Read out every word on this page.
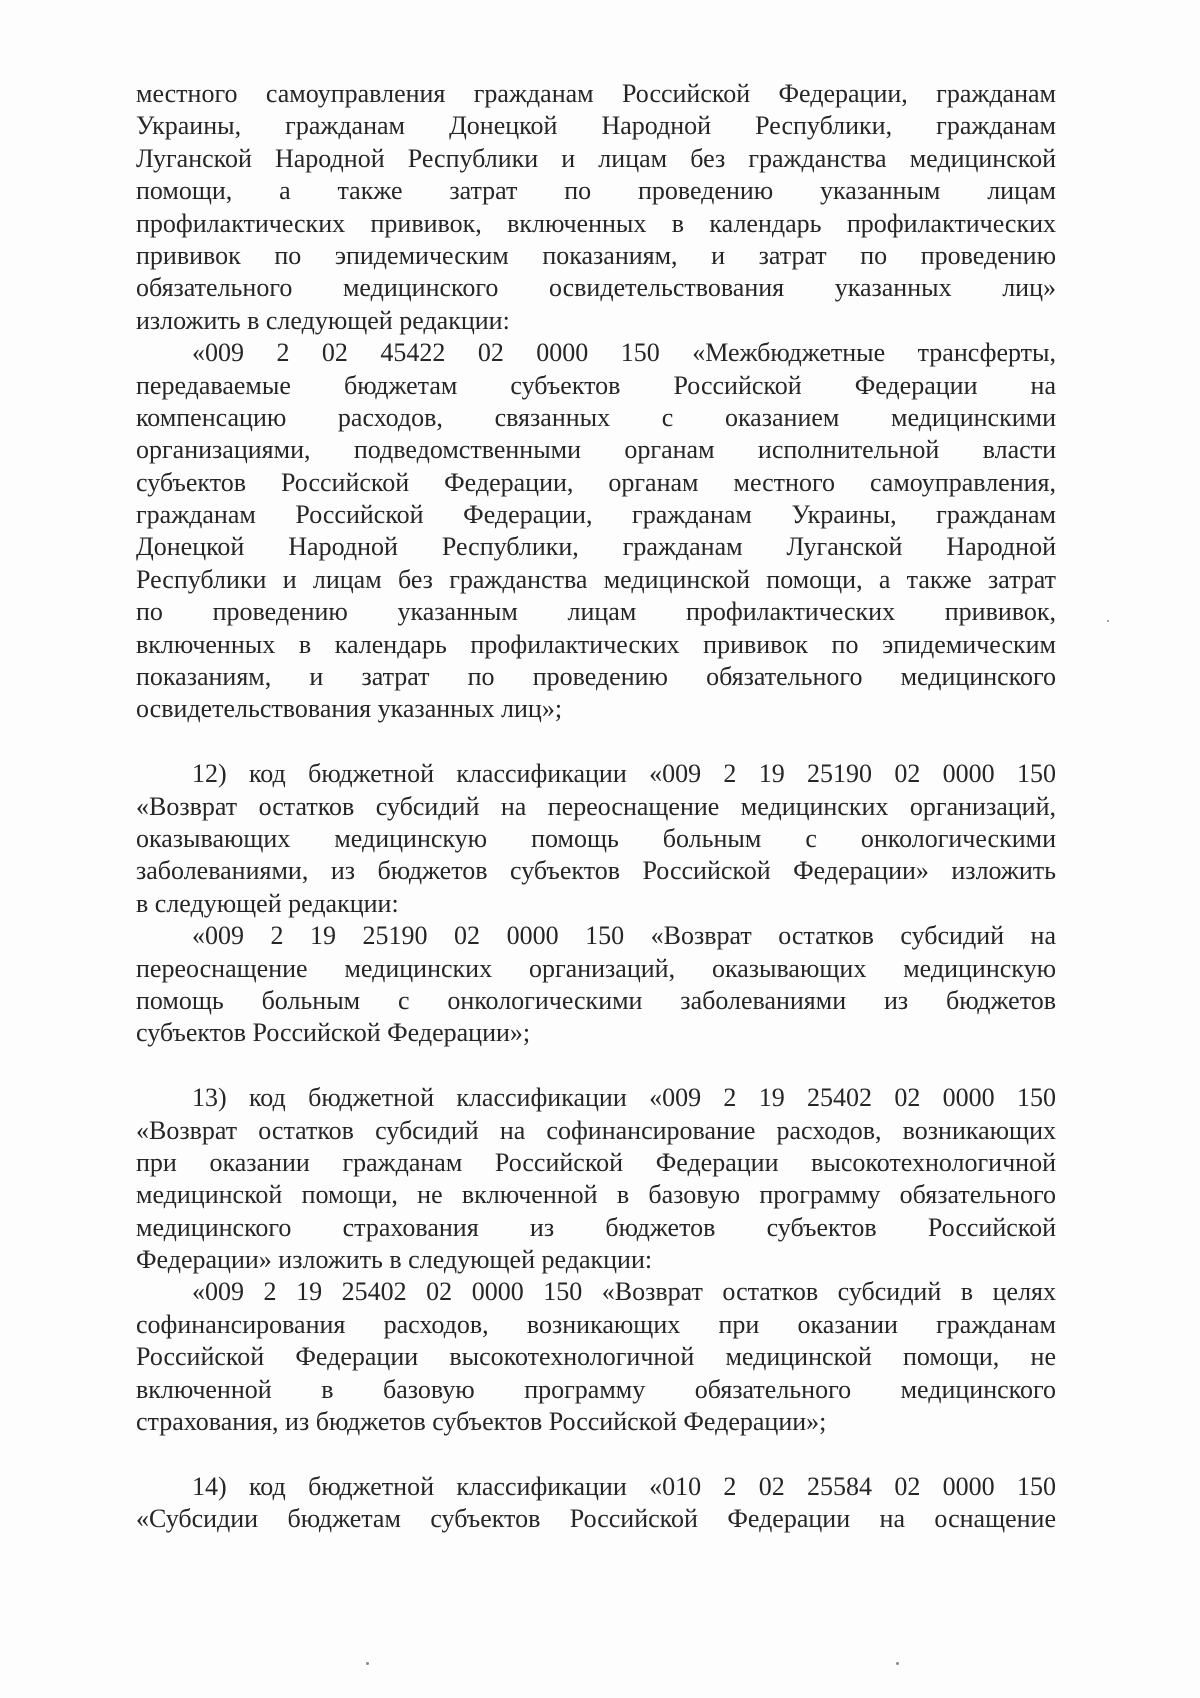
местного самоуправления гражданам Российской Федерации, гражданам
Украины, гражданам Донецкой Народной Республики, гражданам
Луганской Народной Республики и лицам без гражданства медицинской
помощи, а также затрат по проведению указанным лицам
профилактических прививок, включенных в календарь профилактических
прививок по эпидемическим показаниям, и затрат по проведению
обязательного медицинского освидетельствования указанных лиц»
изложить в следующей редакции:
«009 2 02 45422 02 0000 150 «Межбюджетные трансферты,
передаваемые бюджетам субъектов Российской Федерации на
компенсацию расходов, связанных с оказанием медицинскими
организациями, подведомственными органам исполнительной власти
субъектов Российской Федерации, органам местного самоуправления,
гражданам Российской Федерации, гражданам Украины, гражданам
Донецкой Народной Республики, гражданам Луганской Народной
Республики и лицам без гражданства медицинской помощи, а также затрат
по проведению указанным лицам профилактических прививок,
включенных в календарь профилактических прививок по эпидемическим
показаниям, и затрат по проведению обязательного медицинского
освидетельствования указанных лиц»;
12) код бюджетной классификации «009 2 19 25190 02 0000 150
«Возврат остатков субсидий на переоснащение медицинских организаций,
оказывающих медицинскую помощь больным с онкологическими
заболеваниями, из бюджетов субъектов Российской Федерации» изложить
в следующей редакции:
«009 2 19 25190 02 0000 150 «Возврат остатков субсидий на
переоснащение медицинских организаций, оказывающих медицинскую
помощь больным с онкологическими заболеваниями из бюджетов
субъектов Российской Федерации»;
13) код бюджетной классификации «009 2 19 25402 02 0000 150
«Возврат остатков субсидий на софинансирование расходов, возникающих
при оказании гражданам Российской Федерации высокотехнологичной
медицинской помощи, не включенной в базовую программу обязательного
медицинского страхования из бюджетов субъектов Российской
Федерации» изложить в следующей редакции:
«009 2 19 25402 02 0000 150 «Возврат остатков субсидий в целях
софинансирования расходов, возникающих при оказании гражданам
Российской Федерации высокотехнологичной медицинской помощи, не
включенной в базовую программу обязательного медицинского
страхования, из бюджетов субъектов Российской Федерации»;
14) код бюджетной классификации «010 2 02 25584 02 0000 150
«Субсидии бюджетам субъектов Российской Федерации на оснащение
